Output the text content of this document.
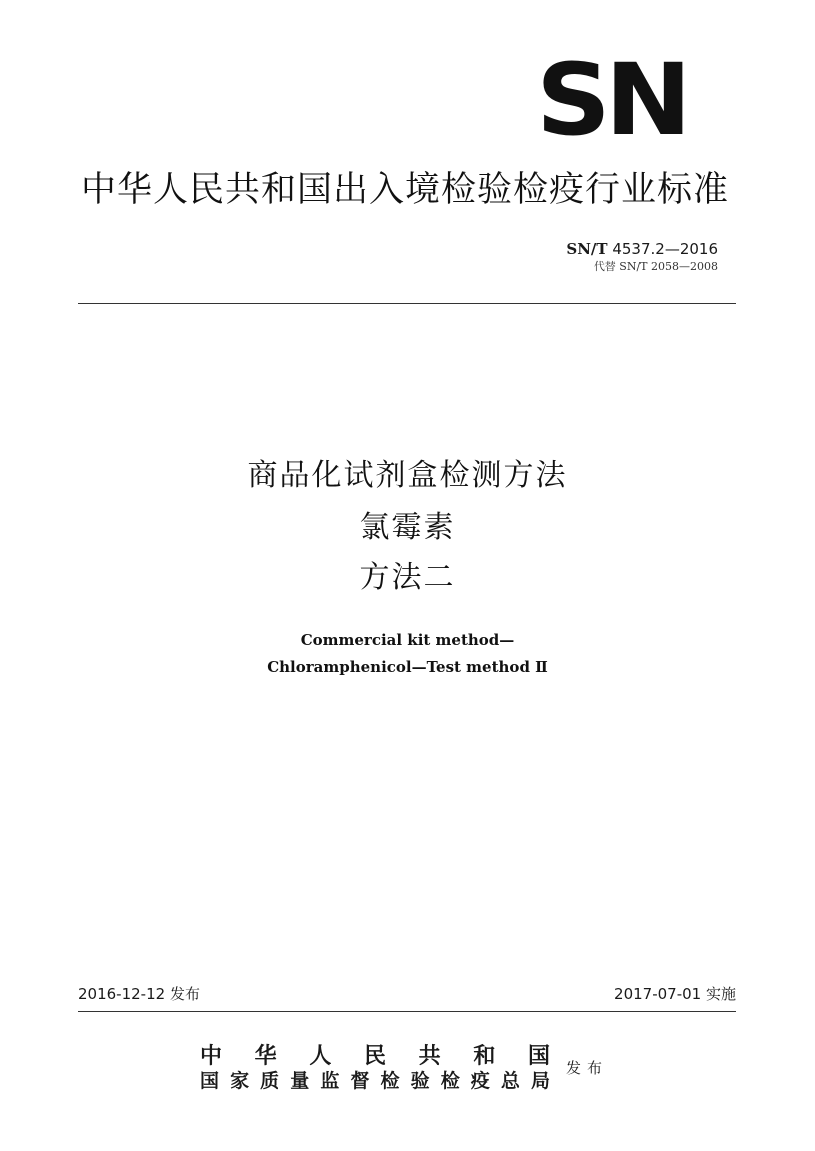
SN
中华人民共和国出入境检验检疫行业标准
SN/T 4537.2—2016
代替 SN/T 2058—2008
商品化试剂盒检测方法
氯霉素
方法二
Commercial kit method—
Chloramphenicol—Test method Ⅱ
2016-12-12 发布	2017-07-01 实施
中 华 人 民 共 和 国
国家质量监督检验检疫总局
发布
